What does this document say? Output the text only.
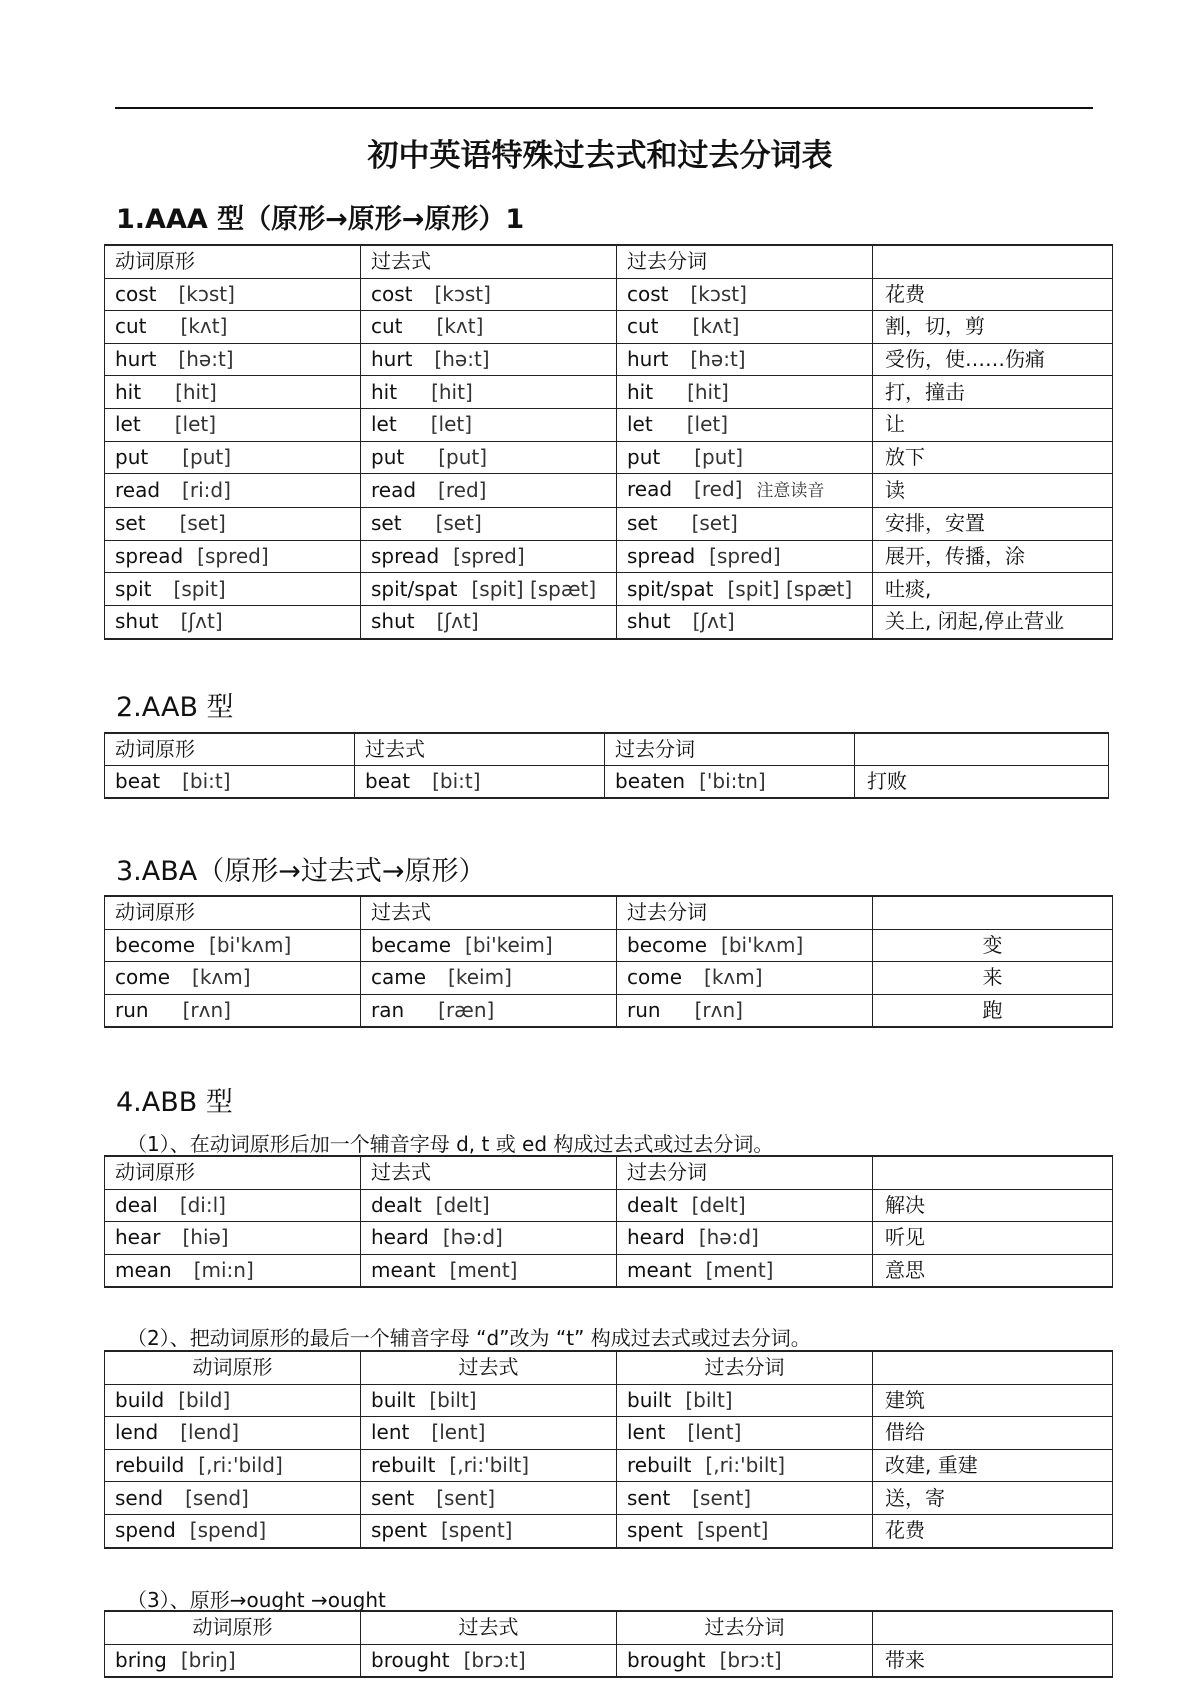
初中英语特殊过去式和过去分词表
1.AAA 型（原形→原形→原形）1
动词原形	过去式	过去分词	
cost [kɔst]	cost [kɔst]	cost [kɔst]	花费
cut [kʌt]	cut [kʌt]	cut [kʌt]	割，切，剪
hurt [hə:t]	hurt [hə:t]	hurt [hə:t]	受伤，使……伤痛
hit [hit]	hit [hit]	hit [hit]	打，撞击
let [let]	let [let]	let [let]	让
put [put]	put [put]	put [put]	放下
read [ri:d]	read [red]	read [red] 注意读音	读
set [set]	set [set]	set [set]	安排，安置
spread [spred]	spread [spred]	spread [spred]	展开，传播，涂
spit [spit]	spit/spat [spit] [spæt]	spit/spat [spit] [spæt]	吐痰,
shut [ʃʌt]	shut [ʃʌt]	shut [ʃʌt]	关上, 闭起,停止营业
2.AAB 型
动词原形	过去式	过去分词	
beat [bi:t]	beat [bi:t]	beaten ['bi:tn]	打败
3.ABA（原形→过去式→原形）
动词原形	过去式	过去分词	
become [bi'kʌm]	became [bi'keim]	become [bi'kʌm]	变
come [kʌm]	came [keim]	come [kʌm]	来
run [rʌn]	ran [ræn]	run [rʌn]	跑
4.ABB 型
（1）、在动词原形后加一个辅音字母 d, t 或 ed 构成过去式或过去分词。
动词原形	过去式	过去分词	
deal [di:l]	dealt [delt]	dealt [delt]	解决
hear [hiə]	heard [hə:d]	heard [hə:d]	听见
mean [mi:n]	meant [ment]	meant [ment]	意思
（2）、把动词原形的最后一个辅音字母 “d”改为 “t” 构成过去式或过去分词。
动词原形	过去式	过去分词	
build [bild]	built [bilt]	built [bilt]	建筑
lend [lend]	lent [lent]	lent [lent]	借给
rebuild [,ri:'bild]	rebuilt [,ri:'bilt]	rebuilt [,ri:'bilt]	改建, 重建
send [send]	sent [sent]	sent [sent]	送，寄
spend [spend]	spent [spent]	spent [spent]	花费
（3）、原形→ought →ought
动词原形	过去式	过去分词	
bring [briŋ]	brought [brɔ:t]	brought [brɔ:t]	带来
